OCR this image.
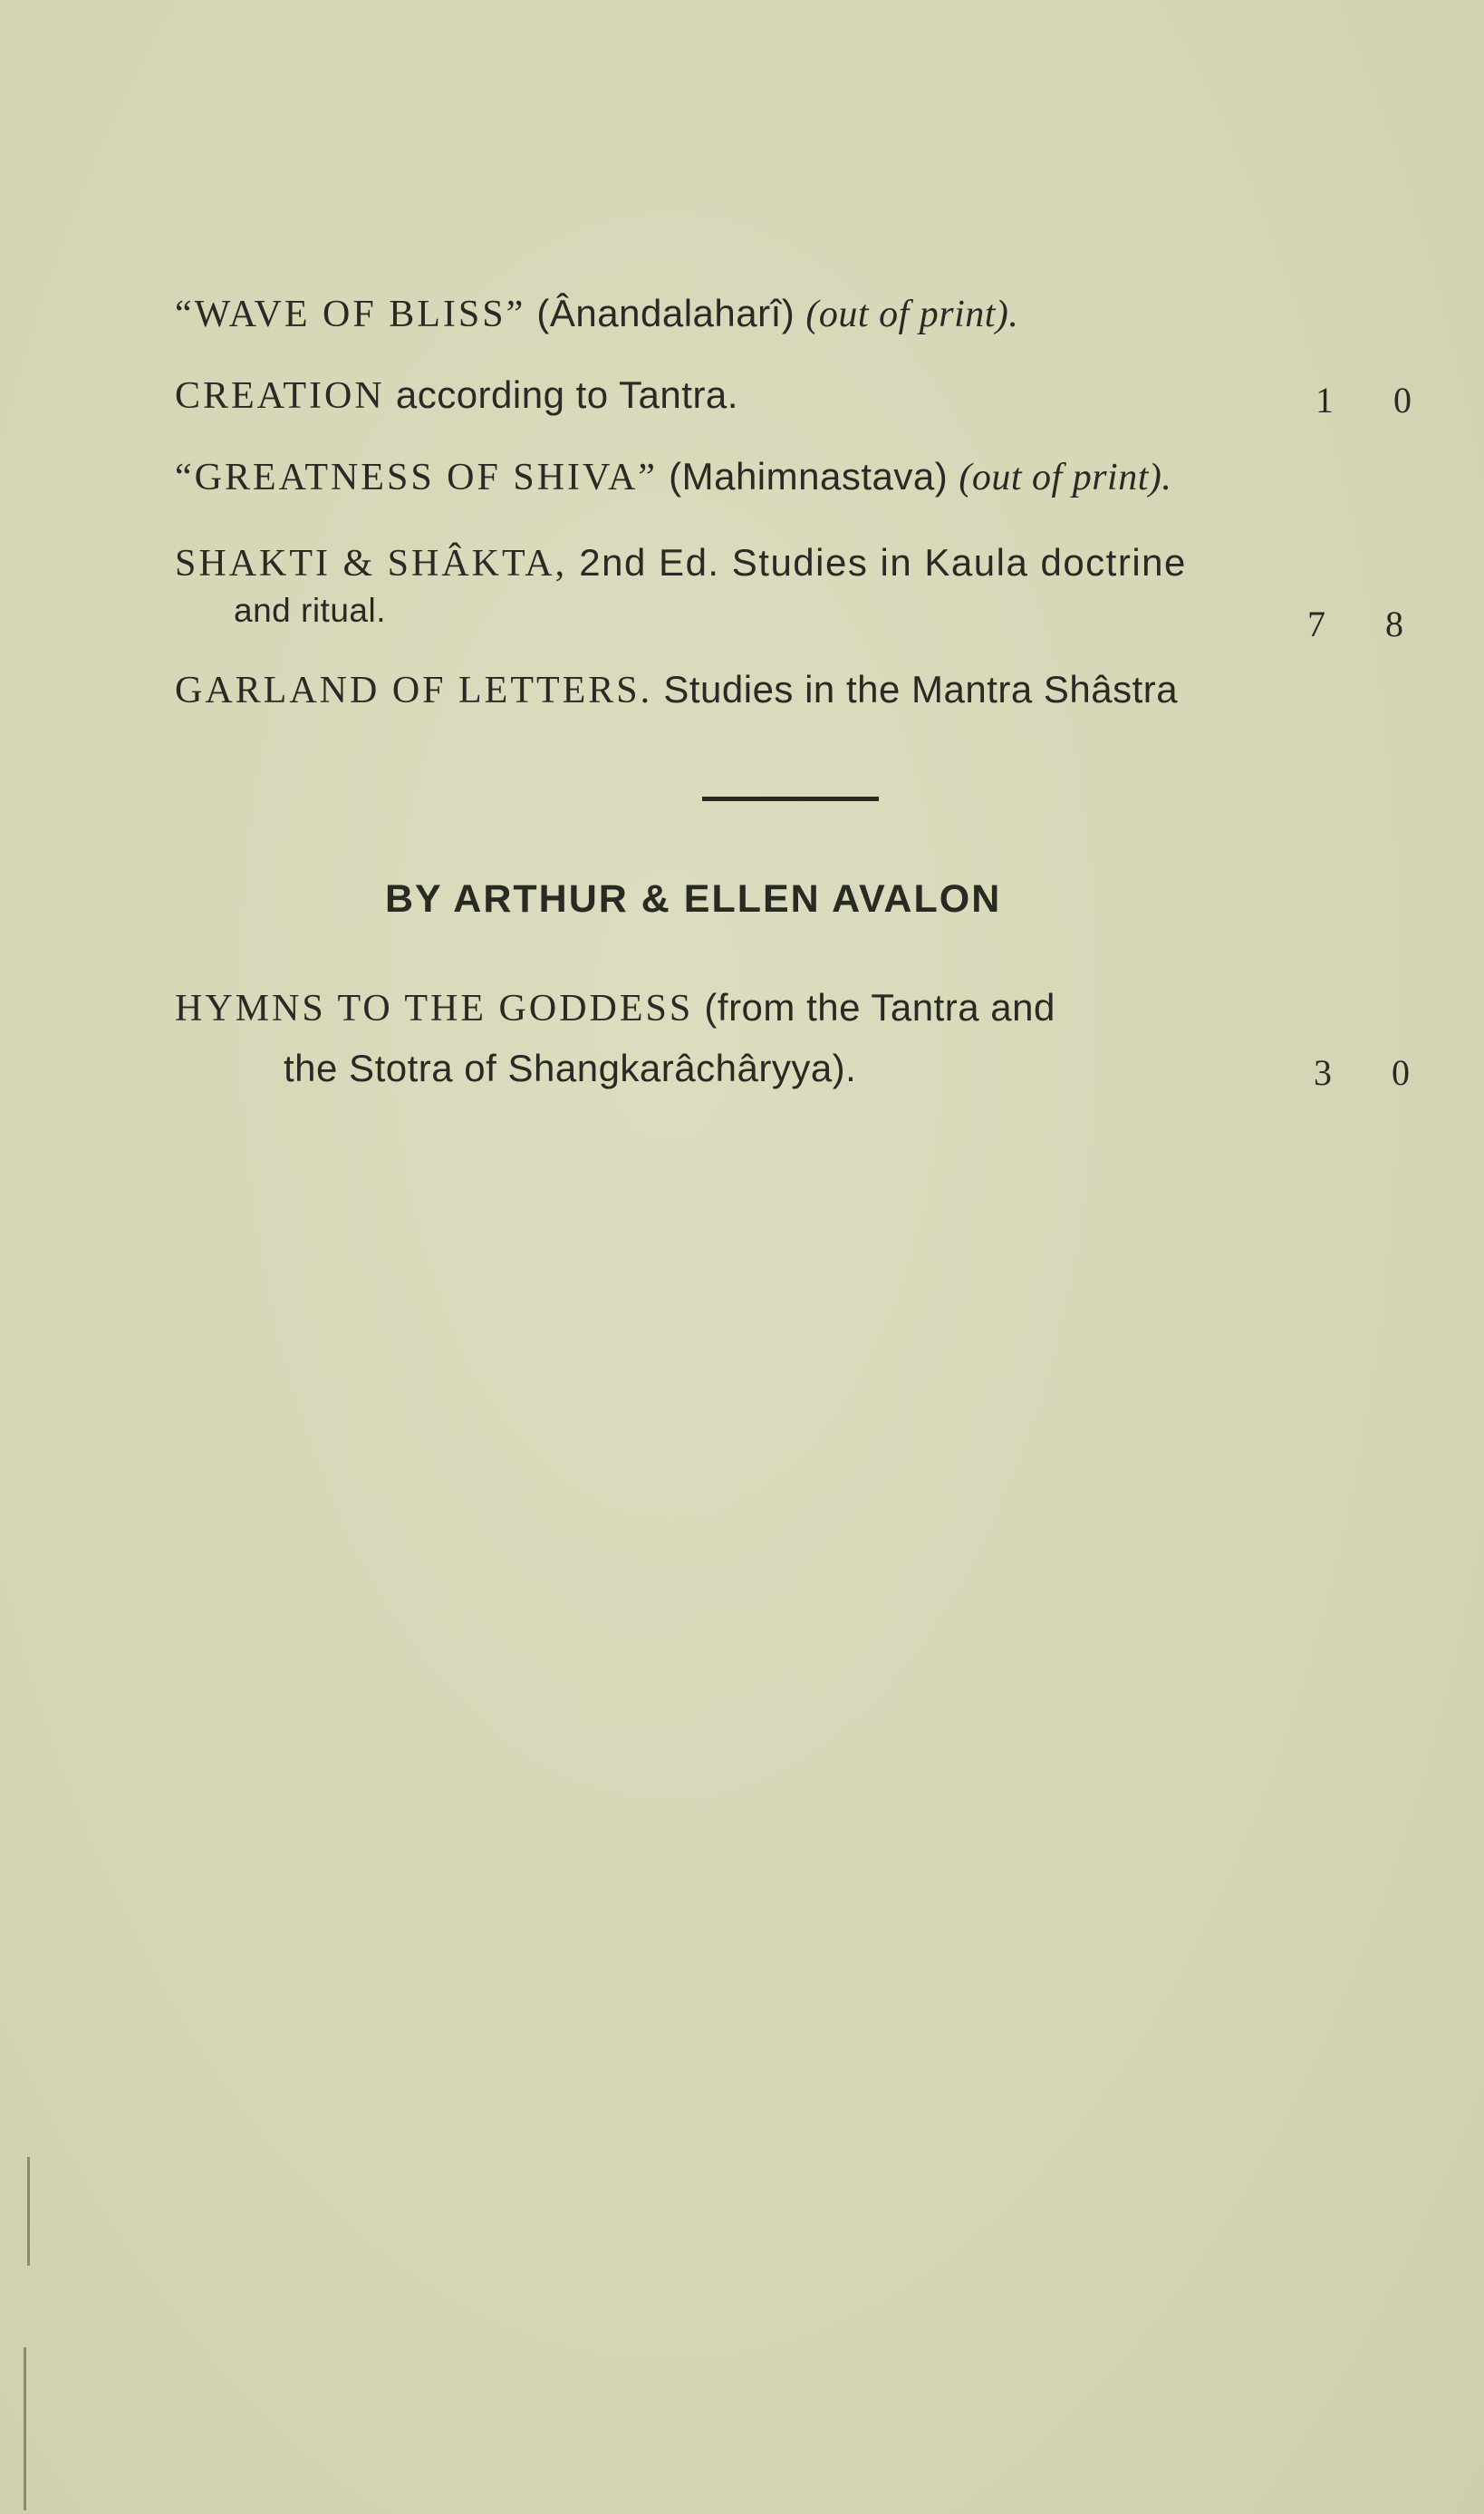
“WAVE OF BLISS” (Ânandalaharî) (out of print).
CREATION according to Tantra.	1 0
“GREATNESS OF SHIVA” (Mahimnastava) (out of print).
SHAKTI & SHÂKTA, 2nd Ed. Studies in Kaula doctrine
and ritual.	7 8
GARLAND OF LETTERS. Studies in the Mantra Shâstra
BY ARTHUR & ELLEN AVALON
HYMNS TO THE GODDESS (from the Tantra and
the Stotra of Shangkarâchâryya).	3 0
